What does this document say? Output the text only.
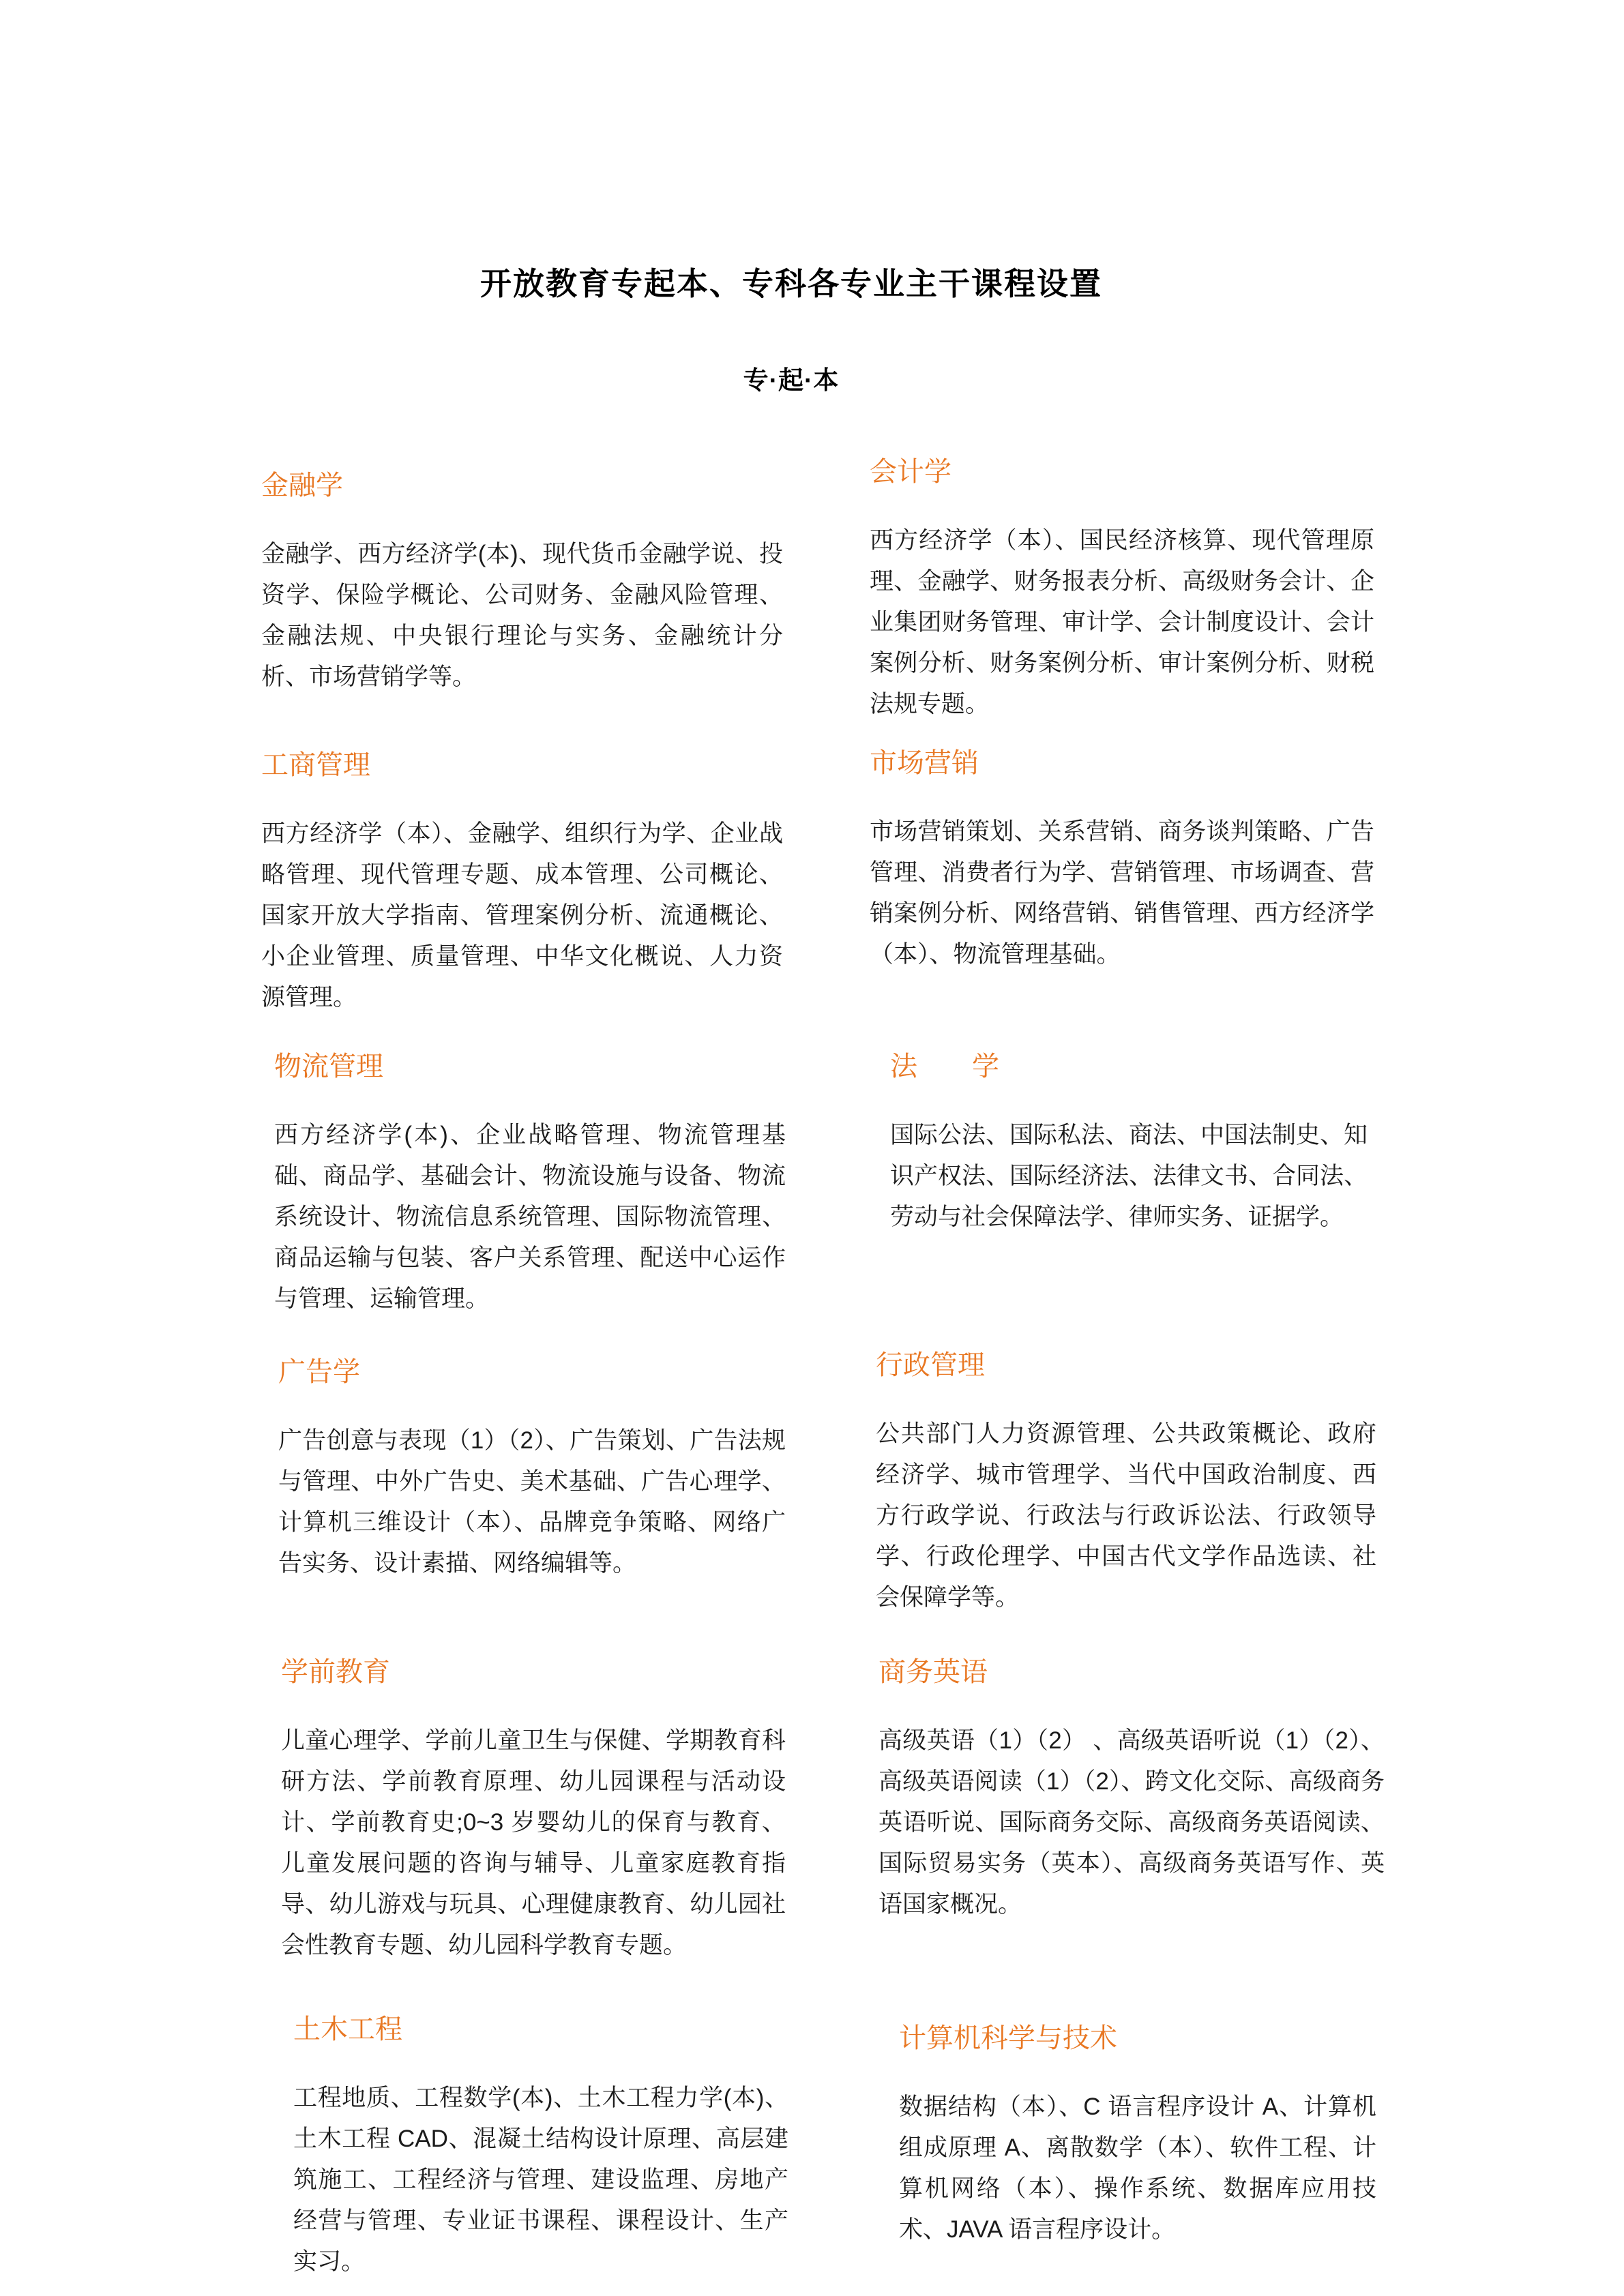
开放教育专起本、专科各专业主干课程设置
专·起·本
金融学

金融学、西方经济学(本)、现代货币金融学说、投资学、保险学概论、公司财务、金融风险管理、金融法规、中央银行理论与实务、金融统计分析、市场营销学等。

会计学

西方经济学（本）、国民经济核算、现代管理原理、金融学、财务报表分析、高级财务会计、企业集团财务管理、审计学、会计制度设计、会计案例分析、财务案例分析、审计案例分析、财税法规专题。

工商管理

西方经济学（本）、金融学、组织行为学、企业战略管理、现代管理专题、成本管理、公司概论、国家开放大学指南、管理案例分析、流通概论、小企业管理、质量管理、中华文化概说、人力资源管理。

市场营销

市场营销策划、关系营销、商务谈判策略、广告管理、消费者行为学、营销管理、市场调查、营销案例分析、网络营销、销售管理、西方经济学（本）、物流管理基础。

物流管理

西方经济学(本)、企业战略管理、物流管理基础、商品学、基础会计、物流设施与设备、物流系统设计、物流信息系统管理、国际物流管理、商品运输与包装、客户关系管理、配送中心运作与管理、运输管理。

法　　学

国际公法、国际私法、商法、中国法制史、知识产权法、国际经济法、法律文书、合同法、劳动与社会保障法学、律师实务、证据学。

广告学

广告创意与表现（1）（2）、广告策划、广告法规与管理、中外广告史、美术基础、广告心理学、计算机三维设计（本）、品牌竞争策略、网络广告实务、设计素描、网络编辑等。

行政管理

公共部门人力资源管理、公共政策概论、政府经济学、城市管理学、当代中国政治制度、西方行政学说、行政法与行政诉讼法、行政领导学、行政伦理学、中国古代文学作品选读、社会保障学等。

学前教育

儿童心理学、学前儿童卫生与保健、学期教育科研方法、学前教育原理、幼儿园课程与活动设计、学前教育史;0~3 岁婴幼儿的保育与教育、儿童发展问题的咨询与辅导、儿童家庭教育指导、幼儿游戏与玩具、心理健康教育、幼儿园社会性教育专题、幼儿园科学教育专题。

商务英语

高级英语（1）（2） 、高级英语听说（1）（2）、高级英语阅读（1）（2）、跨文化交际、高级商务英语听说、国际商务交际、高级商务英语阅读、国际贸易实务（英本）、高级商务英语写作、英语国家概况。

土木工程

工程地质、工程数学(本)、土木工程力学(本)、土木工程 CAD、混凝土结构设计原理、高层建筑施工、工程经济与管理、建设监理、房地产经营与管理、专业证书课程、课程设计、生产实习。

计算机科学与技术

数据结构（本）、C 语言程序设计 A、计算机组成原理 A、离散数学（本）、软件工程、计算机网络（本）、操作系统、数据库应用技术、JAVA 语言程序设计。
